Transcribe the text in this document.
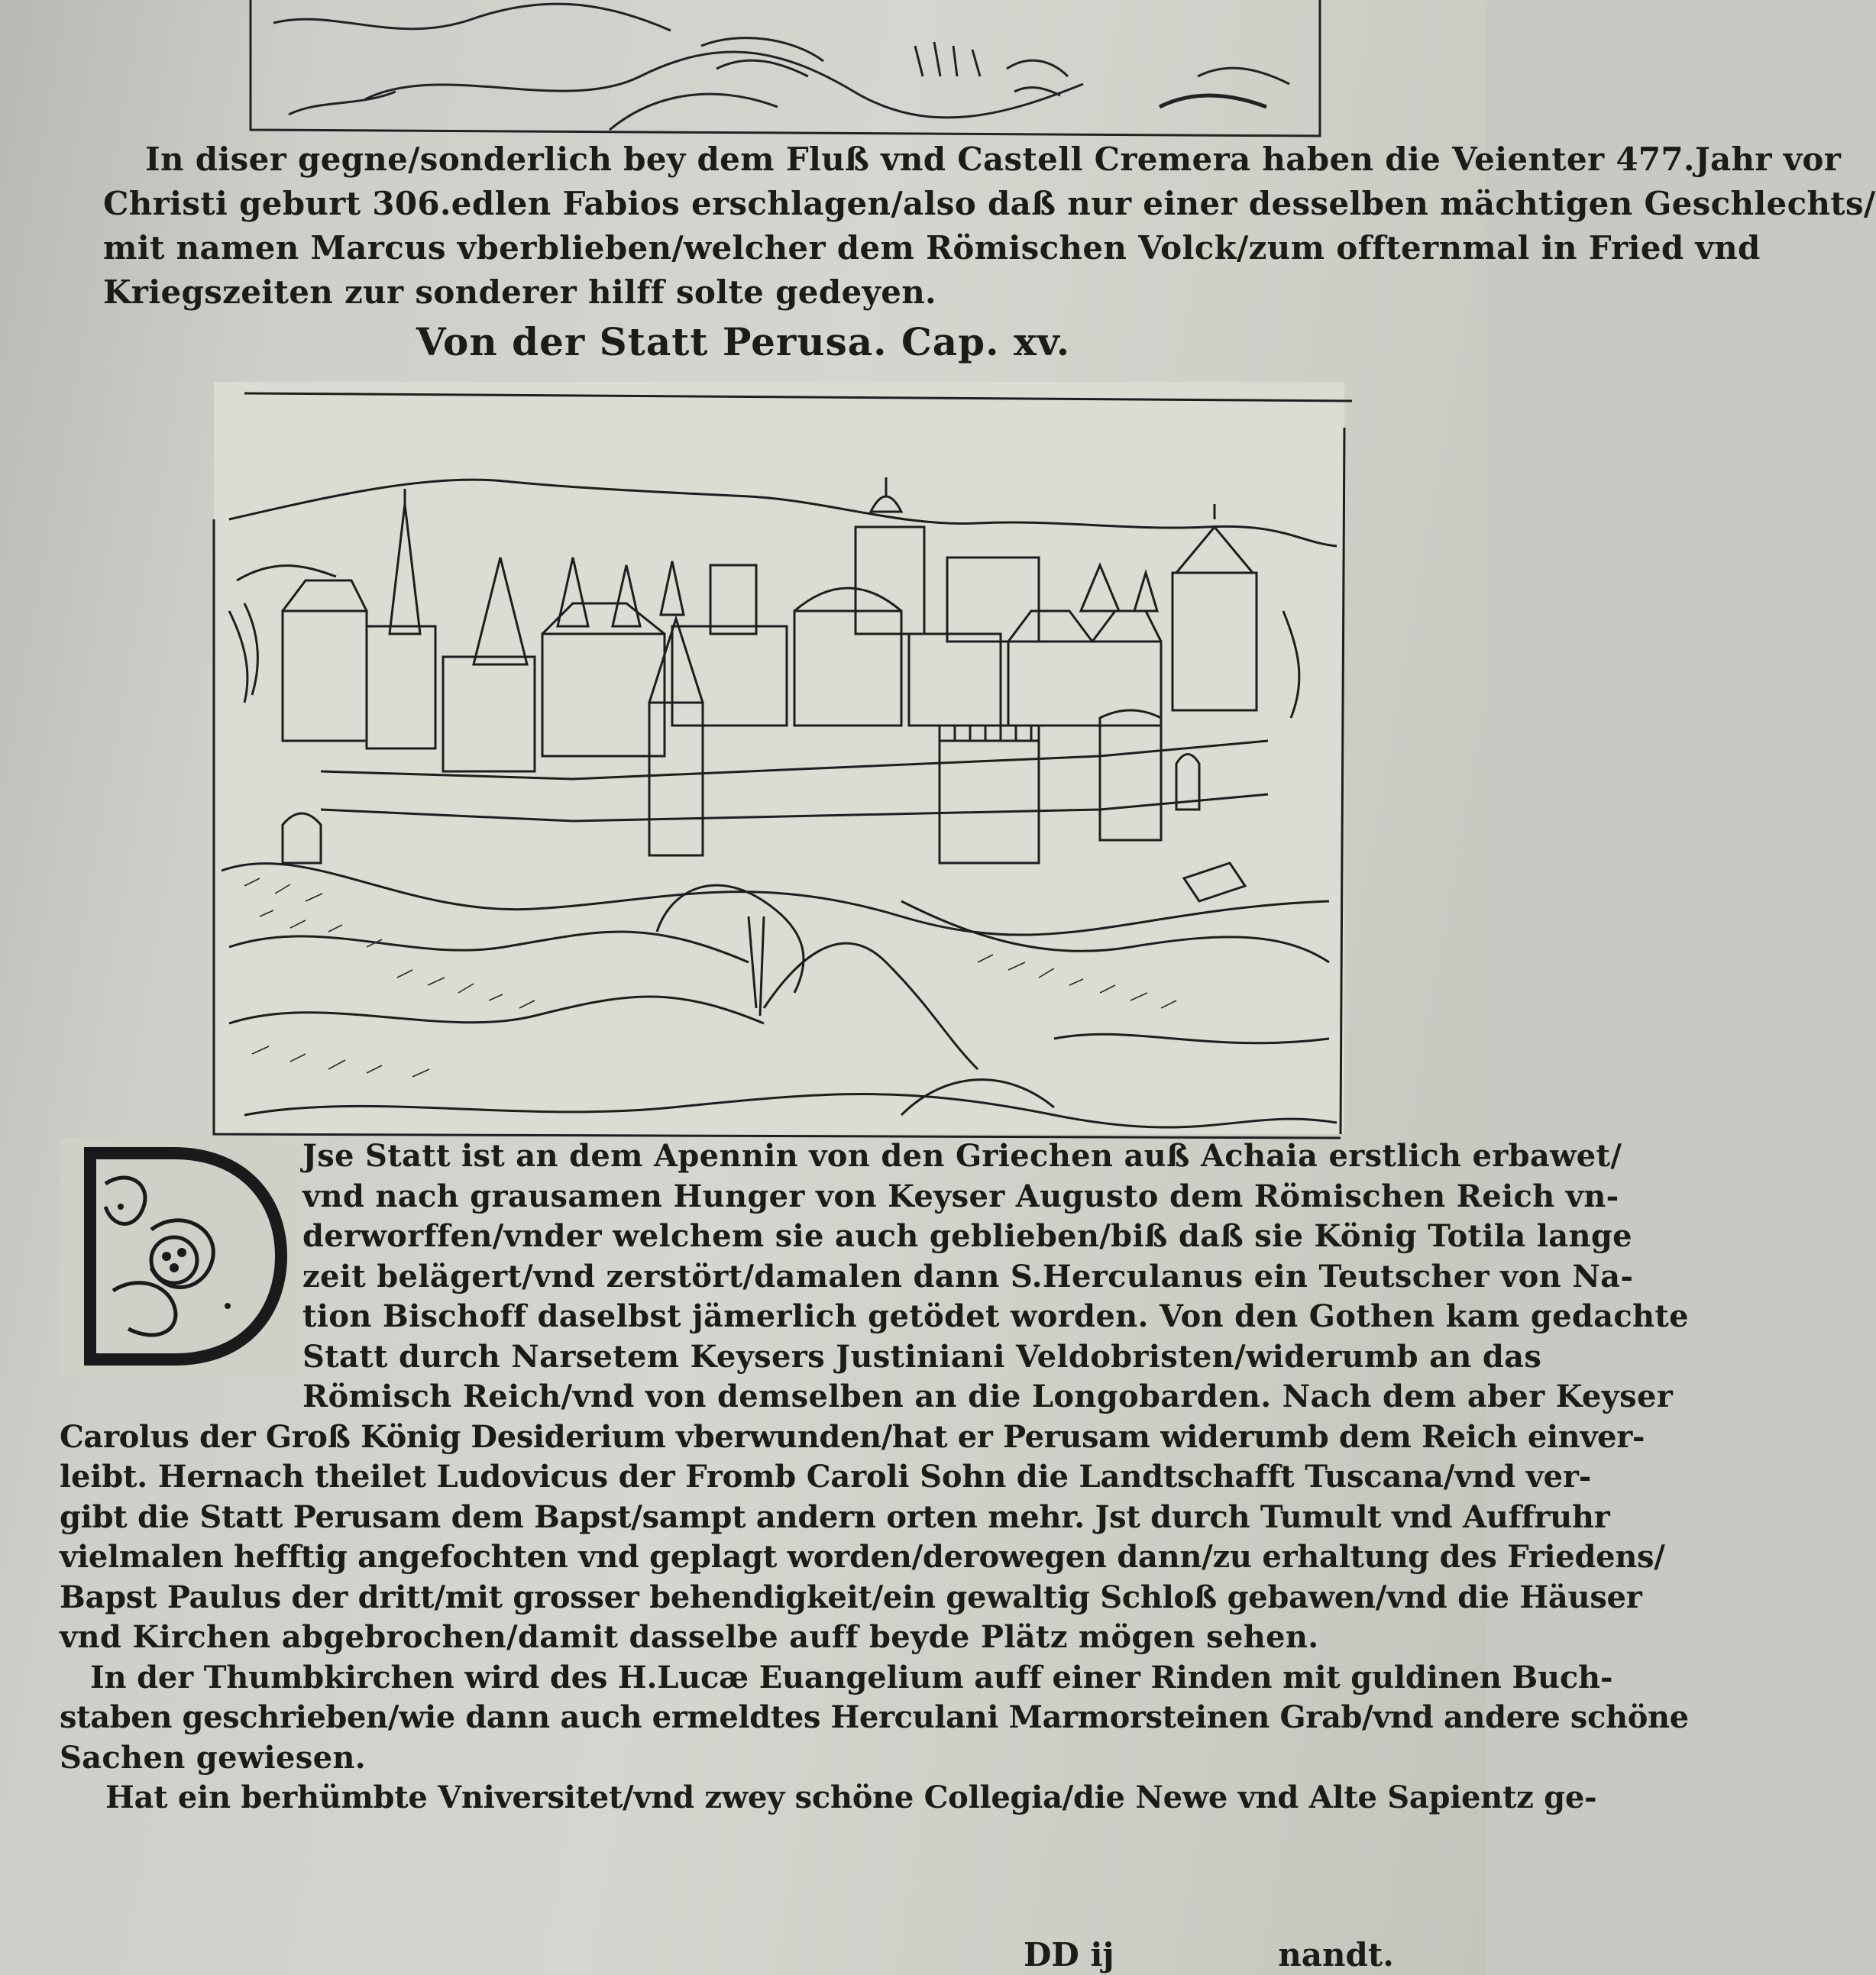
In diser gegne/sonderlich bey dem Fluß vnd Castell Cremera haben die Veienter 477.Jahr vor
Christi geburt 306.edlen Fabios erschlagen/also daß nur einer desselben mächtigen Geschlechts/
mit namen Marcus vberblieben/welcher dem Römischen Volck/zum offternmal in Fried vnd
Kriegszeiten zur sonderer hilff solte gedeyen.
Von der Statt Perusa. Cap. xv.
Jse Statt ist an dem Apennin von den Griechen auß Achaia erstlich erbawet/
vnd nach grausamen Hunger von Keyser Augusto dem Römischen Reich vn-
derworffen/vnder welchem sie auch geblieben/biß daß sie König Totila lange
zeit belägert/vnd zerstört/damalen dann S.Herculanus ein Teutscher von Na-
tion Bischoff daselbst jämerlich getödet worden. Von den Gothen kam gedachte
Statt durch Narsetem Keysers Justiniani Veldobristen/widerumb an das
Römisch Reich/vnd von demselben an die Longobarden. Nach dem aber Keyser
Carolus der Groß König Desiderium vberwunden/hat er Perusam widerumb dem Reich einver-
leibt. Hernach theilet Ludovicus der Fromb Caroli Sohn die Landtschafft Tuscana/vnd ver-
gibt die Statt Perusam dem Bapst/sampt andern orten mehr. Jst durch Tumult vnd Auffruhr
vielmalen hefftig angefochten vnd geplagt worden/derowegen dann/zu erhaltung des Friedens/
Bapst Paulus der dritt/mit grosser behendigkeit/ein gewaltig Schloß gebawen/vnd die Häuser
vnd Kirchen abgebrochen/damit dasselbe auff beyde Plätz mögen sehen.
In der Thumbkirchen wird des H.Lucæ Euangelium auff einer Rinden mit guldinen Buch-
staben geschrieben/wie dann auch ermeldtes Herculani Marmorsteinen Grab/vnd andere schöne
Sachen gewiesen.
Hat ein berhümbte Vniversitet/vnd zwey schöne Collegia/die Newe vnd Alte Sapientz ge-
DD ij	nandt.
